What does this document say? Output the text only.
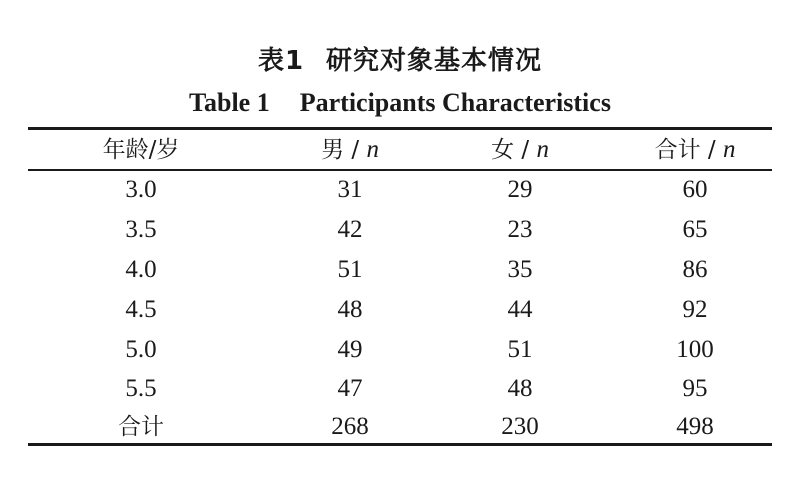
表1 研究对象基本情况
Table 1 Participants Characteristics
年龄/岁	男 / n	女 / n	合计 / n
3.0	31	29	60
3.5	42	23	65
4.0	51	35	86
4.5	48	44	92
5.0	49	51	100
5.5	47	48	95
合计	268	230	498
